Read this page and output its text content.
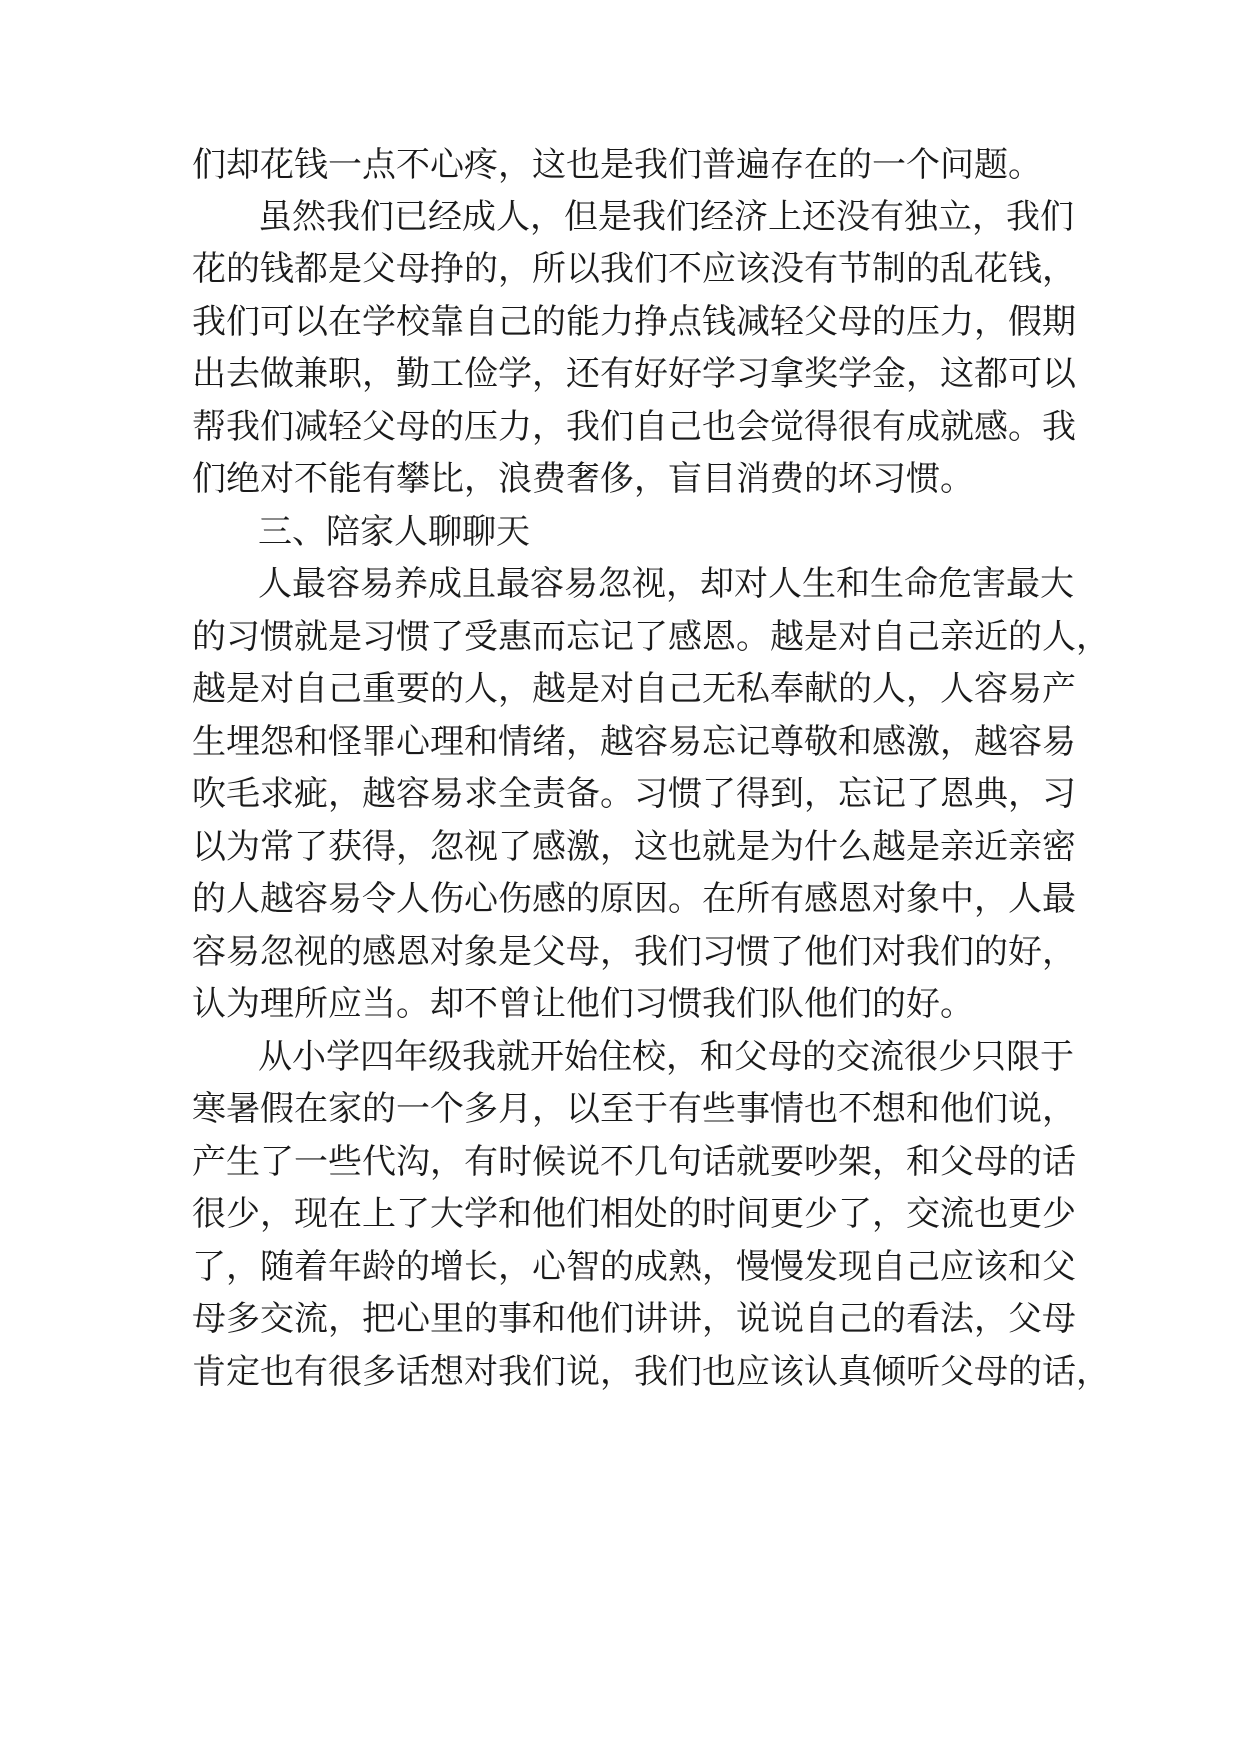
们却花钱一点不心疼，这也是我们普遍存在的一个问题。
虽然我们已经成人，但是我们经济上还没有独立，我们
花的钱都是父母挣的，所以我们不应该没有节制的乱花钱，
我们可以在学校靠自己的能力挣点钱减轻父母的压力，假期
出去做兼职，勤工俭学，还有好好学习拿奖学金，这都可以
帮我们减轻父母的压力，我们自己也会觉得很有成就感。我
们绝对不能有攀比，浪费奢侈，盲目消费的坏习惯。
三、陪家人聊聊天
人最容易养成且最容易忽视，却对人生和生命危害最大
的习惯就是习惯了受惠而忘记了感恩。越是对自己亲近的人，
越是对自己重要的人，越是对自己无私奉献的人，人容易产
生埋怨和怪罪心理和情绪，越容易忘记尊敬和感激，越容易
吹毛求疵，越容易求全责备。习惯了得到，忘记了恩典，习
以为常了获得，忽视了感激，这也就是为什么越是亲近亲密
的人越容易令人伤心伤感的原因。在所有感恩对象中，人最
容易忽视的感恩对象是父母，我们习惯了他们对我们的好，
认为理所应当。却不曾让他们习惯我们队他们的好。
从小学四年级我就开始住校，和父母的交流很少只限于
寒暑假在家的一个多月，以至于有些事情也不想和他们说，
产生了一些代沟，有时候说不几句话就要吵架，和父母的话
很少，现在上了大学和他们相处的时间更少了，交流也更少
了，随着年龄的增长，心智的成熟，慢慢发现自己应该和父
母多交流，把心里的事和他们讲讲，说说自己的看法，父母
肯定也有很多话想对我们说，我们也应该认真倾听父母的话，
